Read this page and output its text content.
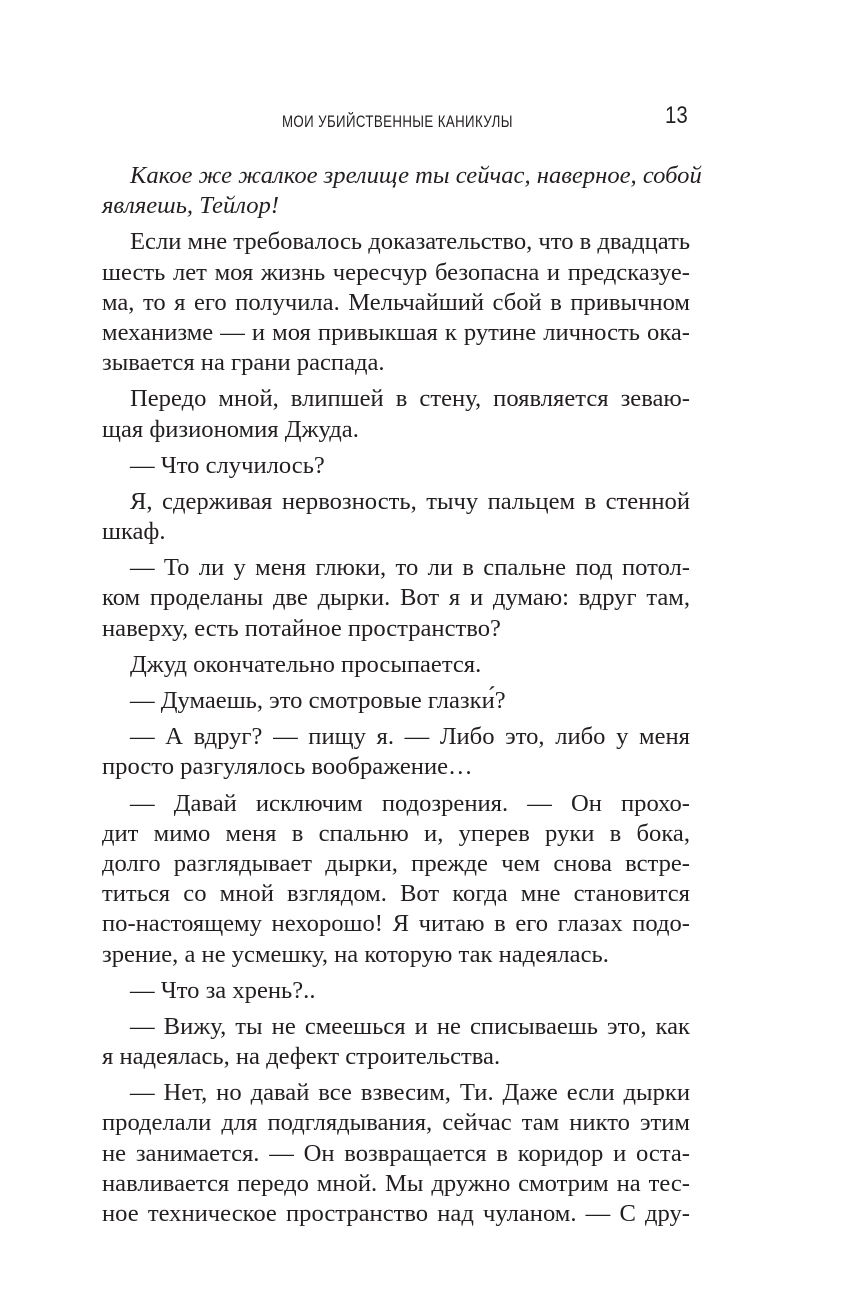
МОИ УБИЙСТВЕННЫЕ КАНИКУЛЫ	13
Какое же жалкое зрелище ты сейчас, наверное, собой
являешь, Тейлор!
Если мне требовалось доказательство, что в двадцать
шесть лет моя жизнь чересчур безопасна и предсказуе-
ма, то я его получила. Мельчайший сбой в привычном
механизме — и моя привыкшая к рутине личность ока-
зывается на грани распада.
Передо мной, влипшей в стену, появляется зеваю-
щая физиономия Джуда.
— Что случилось?
Я, сдерживая нервозность, тычу пальцем в стенной
шкаф.
— То ли у меня глюки, то ли в спальне под потол-
ком проделаны две дырки. Вот я и думаю: вдруг там,
наверху, есть потайное пространство?
Джуд окончательно просыпается.
— Думаешь, это смотровые глазки́?
— А вдруг? — пищу я. — Либо это, либо у меня
просто разгулялось воображение…
— Давай исключим подозрения. — Он прохо-
дит мимо меня в спальню и, уперев руки в бока,
долго разглядывает дырки, прежде чем снова встре-
титься со мной взглядом. Вот когда мне становится
по-настоящему нехорошо! Я читаю в его глазах подо-
зрение, а не усмешку, на которую так надеялась.
— Что за хрень?..
— Вижу, ты не смеешься и не списываешь это, как
я надеялась, на дефект строительства.
— Нет, но давай все взвесим, Ти. Даже если дырки
проделали для подглядывания, сейчас там никто этим
не занимается. — Он возвращается в коридор и оста-
навливается передо мной. Мы дружно смотрим на тес-
ное техническое пространство над чуланом. — С дру-
